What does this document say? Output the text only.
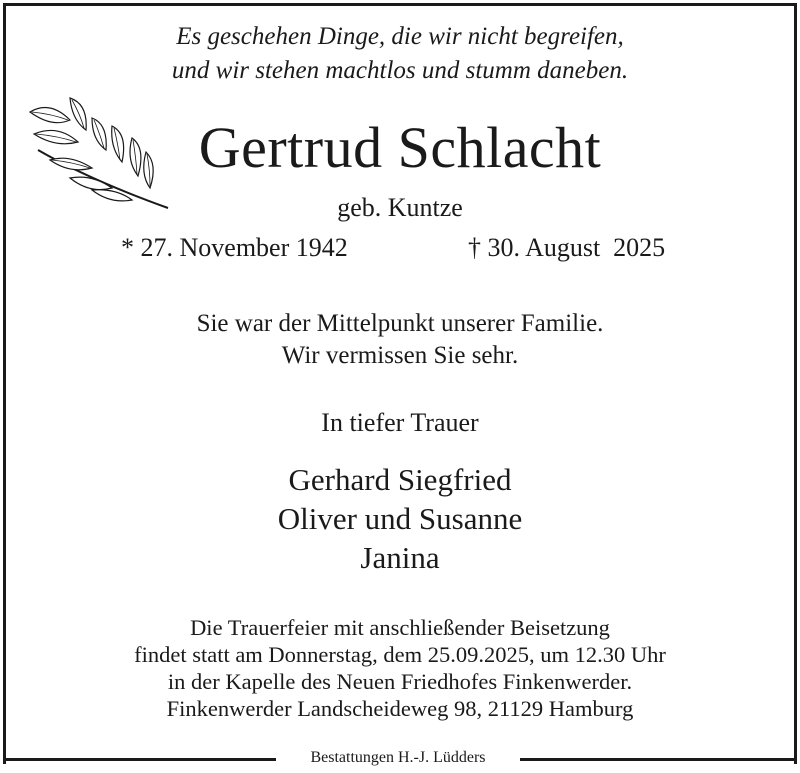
Es geschehen Dinge, die wir nicht begreifen,
und wir stehen machtlos und stumm daneben.
Gertrud Schlacht
geb. Kuntze
* 27. November 1942	† 30. August  2025
Sie war der Mittelpunkt unserer Familie.
Wir vermissen Sie sehr.
In tiefer Trauer
Gerhard Siegfried
Oliver und Susanne
Janina
Die Trauerfeier mit anschließender Beisetzung
findet statt am Donnerstag, dem 25.09.2025, um 12.30 Uhr
in der Kapelle des Neuen Friedhofes Finkenwerder.
Finkenwerder Landscheideweg 98, 21129 Hamburg
Bestattungen H.-J. Lüdders
